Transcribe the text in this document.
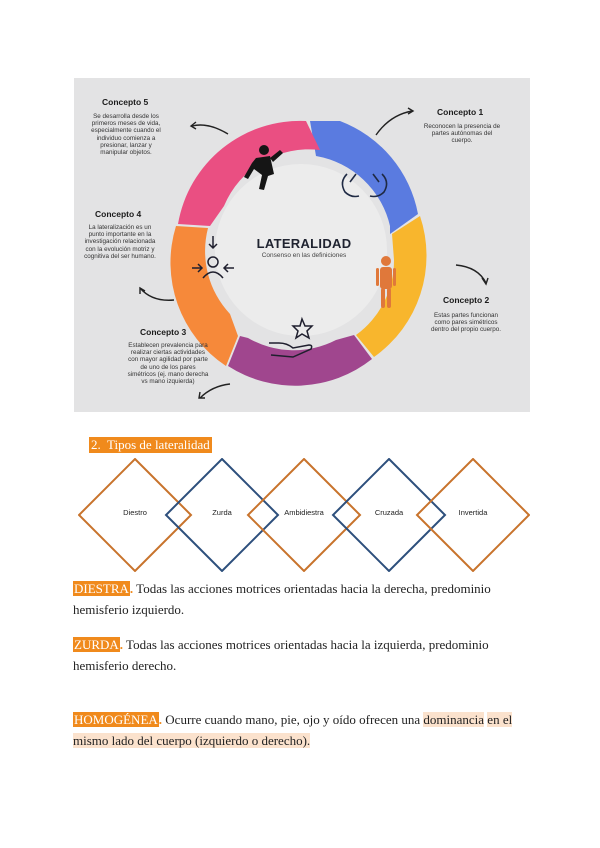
Concepto 1
Reconocen la presencia de partes autónomas del cuerpo.
Concepto 2
Estas partes funcionan como pares simétricos dentro del propio cuerpo.
Concepto 3
Establecen prevalencia para realizar ciertas actividades con mayor agilidad por parte de uno de los pares simétricos (ej. mano derecha vs mano izquierda)
Concepto 4
La lateralización es un punto importante en la investigación relacionada con la evolución motriz y cognitiva del ser humano.
Concepto 5
Se desarrolla desde los primeros meses de vida, especialmente cuando el individuo comienza a presionar, lanzar y manipular objetos.
LATERALIDAD
Consenso en las definiciones
2. Tipos de lateralidad
Diestro	Zurda	Ambidiestra	Cruzada	Invertida
DIESTRA. Todas las acciones motrices orientadas hacia la derecha, predominio hemisferio izquierdo.
ZURDA. Todas las acciones motrices orientadas hacia la izquierda, predominio hemisferio derecho.
HOMOGÉNEA. Ocurre cuando mano, pie, ojo y oído ofrecen una dominancia en el mismo lado del cuerpo (izquierdo o derecho).
